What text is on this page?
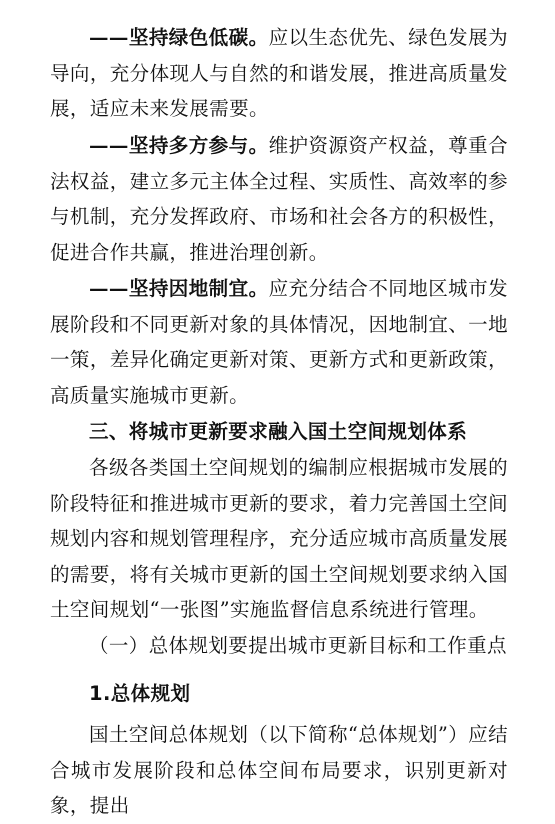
——坚持绿色低碳。应以生态优先、绿色发展为导向，充分体现人与自然的和谐发展，推进高质量发展，适应未来发展需要。

——坚持多方参与。维护资源资产权益，尊重合法权益，建立多元主体全过程、实质性、高效率的参与机制，充分发挥政府、市场和社会各方的积极性，促进合作共赢，推进治理创新。

——坚持因地制宜。应充分结合不同地区城市发展阶段和不同更新对象的具体情况，因地制宜、一地一策，差异化确定更新对策、更新方式和更新政策，高质量实施城市更新。

三、将城市更新要求融入国土空间规划体系

各级各类国土空间规划的编制应根据城市发展的阶段特征和推进城市更新的要求，着力完善国土空间规划内容和规划管理程序，充分适应城市高质量发展的需要，将有关城市更新的国土空间规划要求纳入国土空间规划“一张图”实施监督信息系统进行管理。

（一）总体规划要提出城市更新目标和工作重点
1.总体规划

国土空间总体规划（以下简称“总体规划”）应结合城市发展阶段和总体空间布局要求，识别更新对象，提出
